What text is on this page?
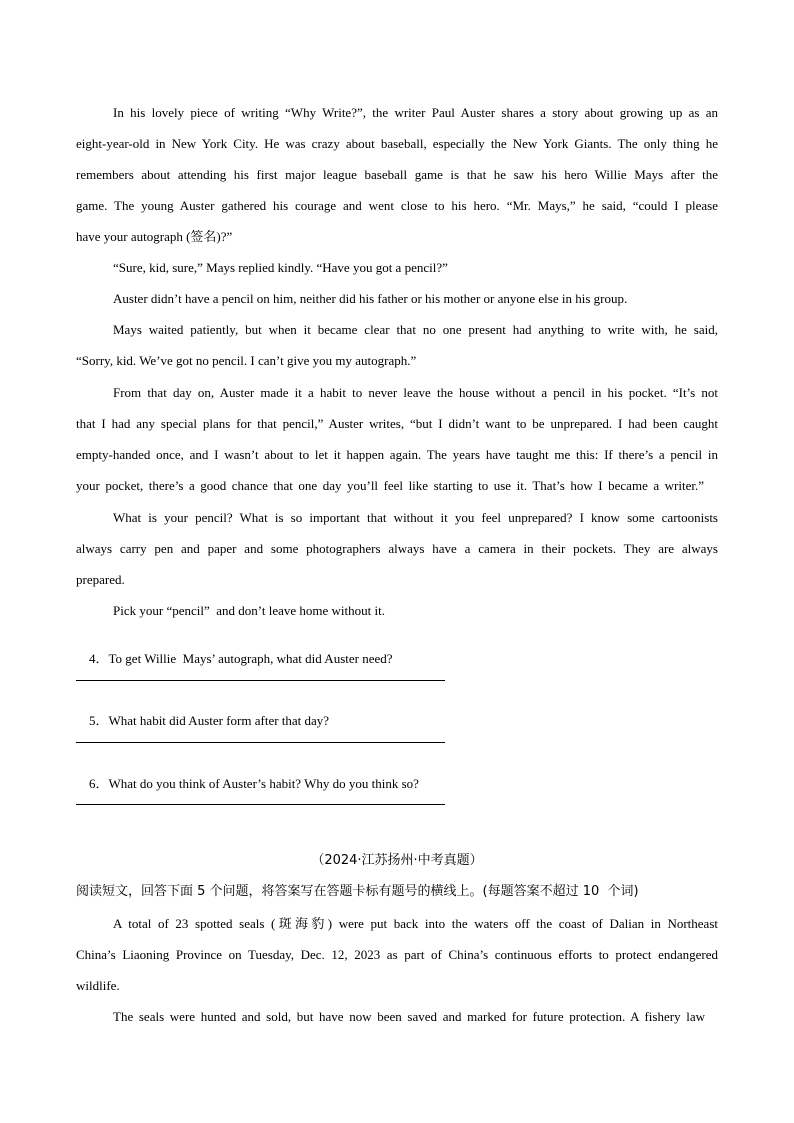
In his lovely piece of writing “Why Write?”, the writer Paul Auster shares a story about growing up as an
eight-year-old in New York City. He was crazy about baseball, especially the New York Giants. The only thing he
remembers about attending his first major league baseball game is that he saw his hero Willie Mays after the
game. The young Auster gathered his courage and went close to his hero. “Mr. Mays,” he said, “could I please
have your autograph (签名)?”
“Sure, kid, sure,” Mays replied kindly. “Have you got a pencil?”
Auster didn’t have a pencil on him, neither did his father or his mother or anyone else in his group.
Mays waited patiently, but when it became clear that no one present had anything to write with, he said,
“Sorry, kid. We’ve got no pencil. I can’t give you my autograph.”
From that day on, Auster made it a habit to never leave the house without a pencil in his pocket. “It’s not
that I had any special plans for that pencil,” Auster writes, “but I didn’t want to be unprepared. I had been caught
empty-handed once, and I wasn’t about to let it happen again. The years have taught me this: If there’s a pencil in
your pocket, there’s a good chance that one day you’ll feel like starting to use it. That’s how I became a writer.”
What is your pencil? What is so important that without it you feel unprepared? I know some cartoonists
always carry pen and paper and some photographers always have a camera in their pockets. They are always
prepared.
Pick your “pencil”  and don’t leave home without it.

4．To get Willie  Mays’ autograph, what did Auster need?

5．What habit did Auster form after that day?

6．What do you think of Auster’s habit? Why do you think so?

（2024·江苏扬州·中考真题）
阅读短文，回答下面 5 个问题，将答案写在答题卡标有题号的横线上。(每题答案不超过 10  个词)
A total of 23 spotted seals (斑海豹) were put back into the waters off the coast of Dalian in Northeast
China’s Liaoning Province on Tuesday, Dec. 12, 2023 as part of China’s continuous efforts to protect endangered
wildlife.
The seals were hunted and sold, but have now been saved and marked for future protection. A fishery law
